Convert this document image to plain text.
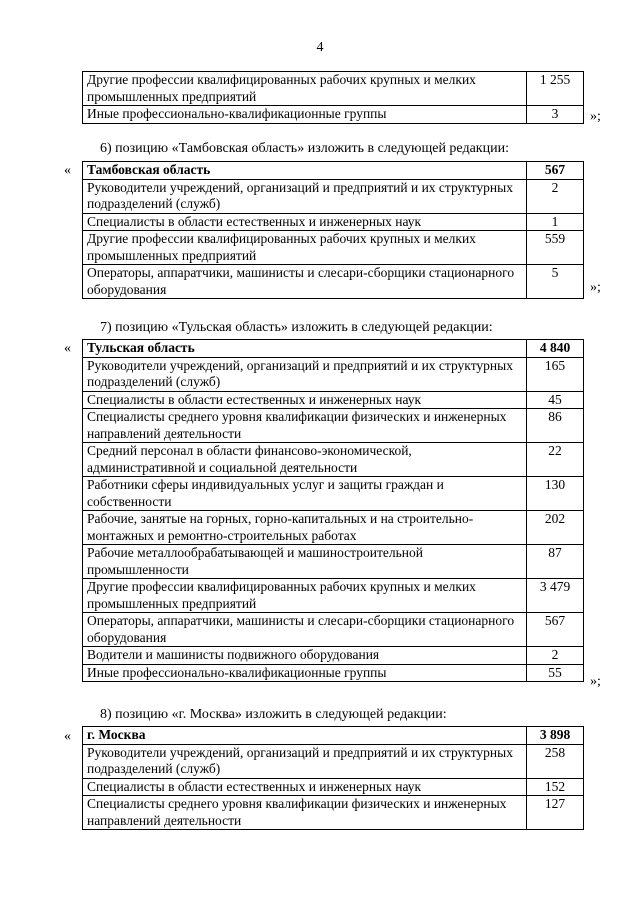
4
Другие профессии квалифицированных рабочих крупных и мелких промышленных предприятий	1 255
Иные профессионально-квалификационные группы	3 »;
6) позицию «Тамбовская область» изложить в следующей редакции:
« Тамбовская область	567
Руководители учреждений, организаций и предприятий и их структурных подразделений (служб)	2
Специалисты в области естественных и инженерных наук	1
Другие профессии квалифицированных рабочих крупных и мелких промышленных предприятий	559
Операторы, аппаратчики, машинисты и слесари-сборщики стационарного оборудования	5
»;
7) позицию «Тульская область» изложить в следующей редакции:
« Тульская область	4 840
Руководители учреждений, организаций и предприятий и их структурных подразделений (служб)	165
Специалисты в области естественных и инженерных наук	45
Специалисты среднего уровня квалификации физических и инженерных направлений деятельности	86
Средний персонал в области финансово-экономической, административной и социальной деятельности	22
Работники сферы индивидуальных услуг и защиты граждан и собственности	130
Рабочие, занятые на горных, горно-капитальных и на строительно-монтажных и ремонтно-строительных работах	202
Рабочие металлообрабатывающей и машиностроительной промышленности	87
Другие профессии квалифицированных рабочих крупных и мелких промышленных предприятий	3 479
Операторы, аппаратчики, машинисты и слесари-сборщики стационарного оборудования	567
Водители и машинисты подвижного оборудования	2
Иные профессионально-квалификационные группы	55
»;
8) позицию «г. Москва» изложить в следующей редакции:
« г. Москва	3 898
Руководители учреждений, организаций и предприятий и их структурных подразделений (служб)	258
Специалисты в области естественных и инженерных наук	152
Специалисты среднего уровня квалификации физических и инженерных направлений деятельности	127
